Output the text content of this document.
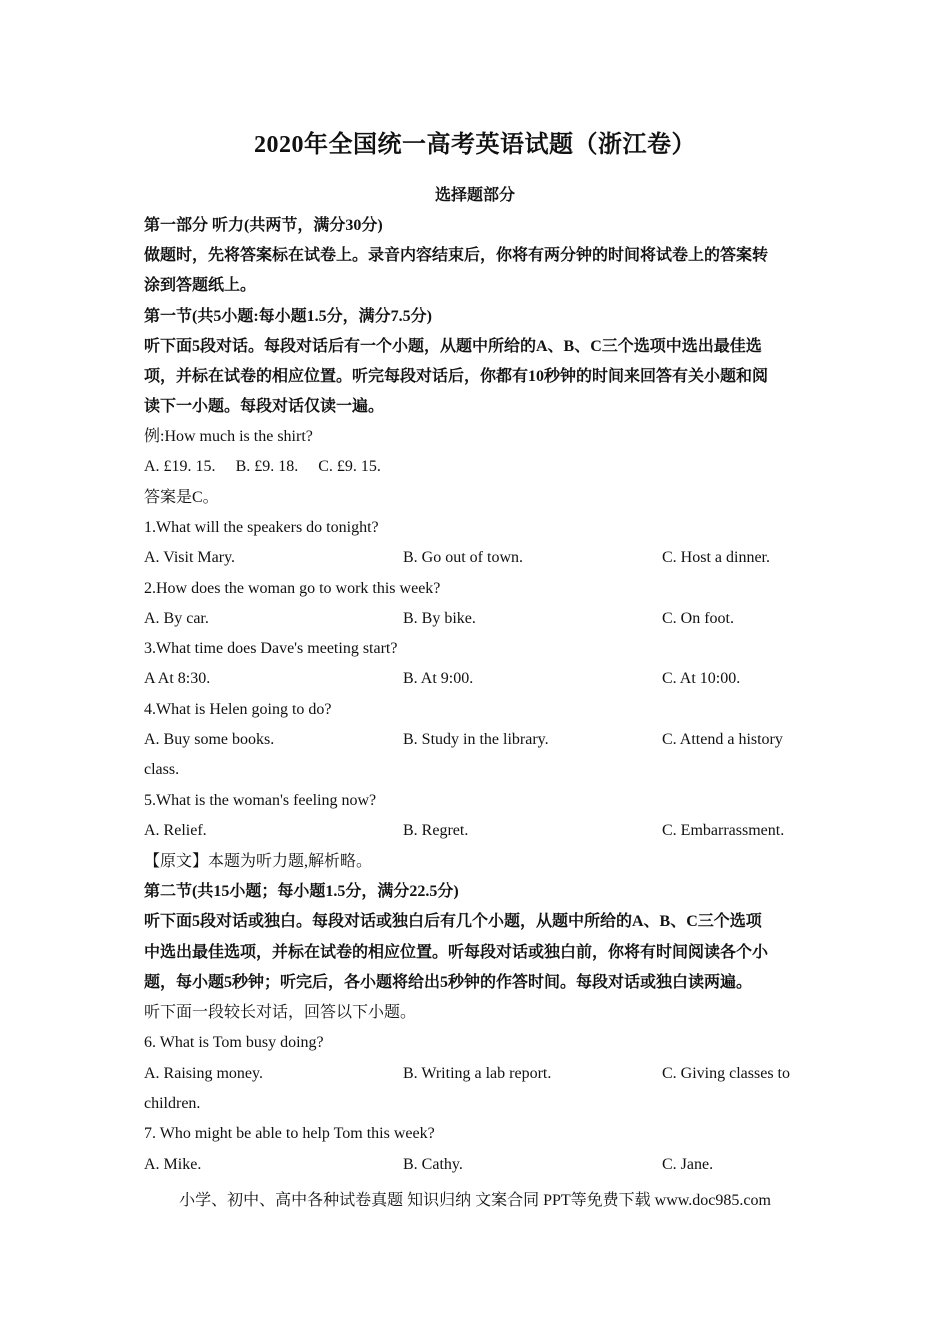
2020年全国统一高考英语试题（浙江卷）
选择题部分
第一部分 听力(共两节，满分30分)
做题时，先将答案标在试卷上。录音内容结束后，你将有两分钟的时间将试卷上的答案转
涂到答题纸上。
第一节(共5小题:每小题1.5分，满分7.5分)
听下面5段对话。每段对话后有一个小题，从题中所给的A、B、C三个选项中选出最佳选
项，并标在试卷的相应位置。听完每段对话后，你都有10秒钟的时间来回答有关小题和阅
读下一小题。每段对话仅读一遍。
例:How much is the shirt?
A. £19. 15. B. £9. 18. C. £9. 15.
答案是C。
1.What will the speakers do tonight?
A. Visit Mary.	B. Go out of town.	C. Host a dinner.
2.How does the woman go to work this week?
A. By car.	B. By bike.	C. On foot.
3.What time does Dave's meeting start?
A At 8:30.	B. At 9:00.	C. At 10:00.
4.What is Helen going to do?
A. Buy some books.	B. Study in the library.	C. Attend a history
class.
5.What is the woman's feeling now?
A. Relief.	B. Regret.	C. Embarrassment.
【原文】本题为听力题,解析略。
第二节(共15小题；每小题1.5分，满分22.5分)
听下面5段对话或独白。每段对话或独白后有几个小题，从题中所给的A、B、C三个选项
中选出最佳选项，并标在试卷的相应位置。听每段对话或独白前，你将有时间阅读各个小
题，每小题5秒钟；听完后，各小题将给出5秒钟的作答时间。每段对话或独白读两遍。
听下面一段较长对话，回答以下小题。
6. What is Tom busy doing?
A. Raising money.	B. Writing a lab report.	C. Giving classes to
children.
7. Who might be able to help Tom this week?
A. Mike.	B. Cathy.	C. Jane.
小学、初中、高中各种试卷真题 知识归纳 文案合同 PPT等免费下载 www.doc985.com
